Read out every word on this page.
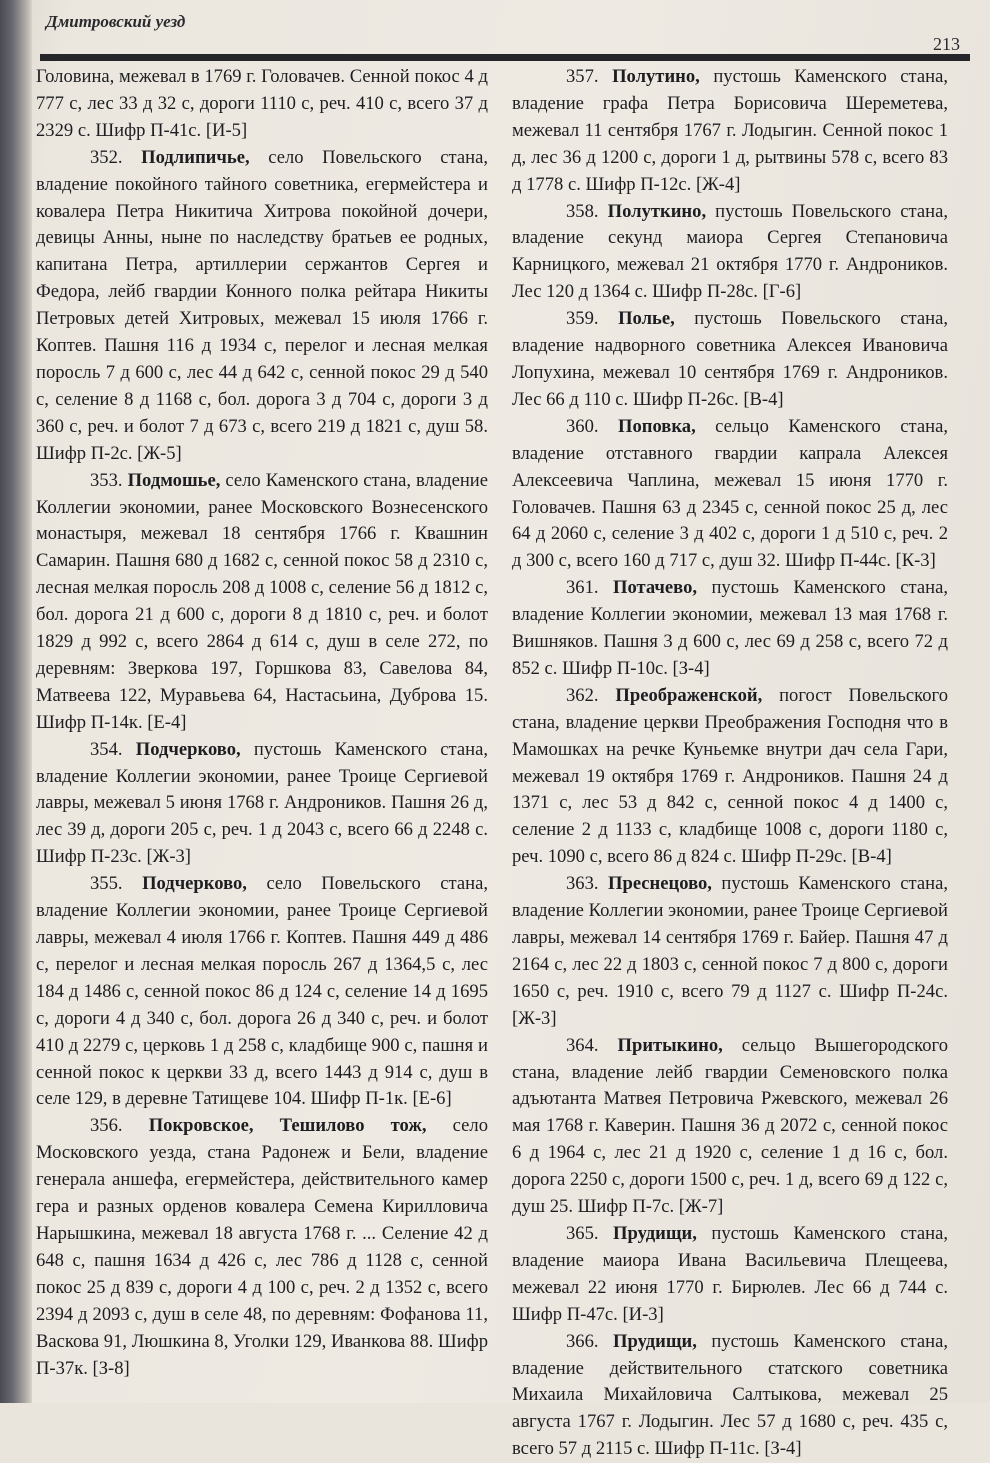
Дмитровский уезд
213

Головина, межевал в 1769 г. Головачев. Сенной покос 4 д 777 с, лес 33 д 32 с, дороги 1110 с, реч. 410 с, всего 37 д 2329 с. Шифр П-41с. [И-5]

352. Подлипичье, село Повельского стана, владение покойного тайного советника, егермейстера и ковалера Петра Никитича Хитрова покойной дочери, девицы Анны, ныне по наследству братьев ее родных, капитана Петра, артиллерии сержантов Сергея и Федора, лейб гвардии Конного полка рейтара Никиты Петровых детей Хитровых, межевал 15 июля 1766 г. Коптев. Пашня 116 д 1934 с, перелог и лесная мелкая поросль 7 д 600 с, лес 44 д 642 с, сенной покос 29 д 540 с, селение 8 д 1168 с, бол. дорога 3 д 704 с, дороги 3 д 360 с, реч. и болот 7 д 673 с, всего 219 д 1821 с, душ 58. Шифр П-2с. [Ж-5]

353. Подмошье, село Каменского стана, владение Коллегии экономии, ранее Московского Вознесенского монастыря, межевал 18 сентября 1766 г. Квашнин Самарин. Пашня 680 д 1682 с, сенной покос 58 д 2310 с, лесная мелкая поросль 208 д 1008 с, селение 56 д 1812 с, бол. дорога 21 д 600 с, дороги 8 д 1810 с, реч. и болот 1829 д 992 с, всего 2864 д 614 с, душ в селе 272, по деревням: Зверкова 197, Горшкова 83, Савелова 84, Матвеева 122, Муравьева 64, Настасьина, Дуброва 15. Шифр П-14к. [Е-4]

354. Подчерково, пустошь Каменского стана, владение Коллегии экономии, ранее Троице Сергиевой лавры, межевал 5 июня 1768 г. Андроников. Пашня 26 д, лес 39 д, дороги 205 с, реч. 1 д 2043 с, всего 66 д 2248 с. Шифр П-23с. [Ж-3]

355. Подчерково, село Повельского стана, владение Коллегии экономии, ранее Троице Сергиевой лавры, межевал 4 июля 1766 г. Коптев. Пашня 449 д 486 с, перелог и лесная мелкая поросль 267 д 1364,5 с, лес 184 д 1486 с, сенной покос 86 д 124 с, селение 14 д 1695 с, дороги 4 д 340 с, бол. дорога 26 д 340 с, реч. и болот 410 д 2279 с, церковь 1 д 258 с, кладбище 900 с, пашня и сенной покос к церкви 33 д, всего 1443 д 914 с, душ в селе 129, в деревне Татищеве 104. Шифр П-1к. [Е-6]

356. Покровское, Тешилово тож, село Московского уезда, стана Радонеж и Бели, владение генерала аншефа, егермейстера, действительного камер гера и разных орденов ковалера Семена Кирилловича Нарышкина, межевал 18 августа 1768 г. ... Селение 42 д 648 с, пашня 1634 д 426 с, лес 786 д 1128 с, сенной покос 25 д 839 с, дороги 4 д 100 с, реч. 2 д 1352 с, всего 2394 д 2093 с, душ в селе 48, по деревням: Фофанова 11, Васкова 91, Люшкина 8, Уголки 129, Иванкова 88. Шифр П-37к. [З-8]

357. Полутино, пустошь Каменского стана, владение графа Петра Борисовича Шереметева, межевал 11 сентября 1767 г. Лодыгин. Сенной покос 1 д, лес 36 д 1200 с, дороги 1 д, рытвины 578 с, всего 83 д 1778 с. Шифр П-12с. [Ж-4]

358. Полуткино, пустошь Повельского стана, владение секунд маиора Сергея Степановича Карницкого, межевал 21 октября 1770 г. Андроников. Лес 120 д 1364 с. Шифр П-28с. [Г-6]

359. Полье, пустошь Повельского стана, владение надворного советника Алексея Ивановича Лопухина, межевал 10 сентября 1769 г. Андроников. Лес 66 д 110 с. Шифр П-26с. [В-4]

360. Поповка, сельцо Каменского стана, владение отставного гвардии капрала Алексея Алексеевича Чаплина, межевал 15 июня 1770 г. Головачев. Пашня 63 д 2345 с, сенной покос 25 д, лес 64 д 2060 с, селение 3 д 402 с, дороги 1 д 510 с, реч. 2 д 300 с, всего 160 д 717 с, душ 32. Шифр П-44с. [К-3]

361. Потачево, пустошь Каменского стана, владение Коллегии экономии, межевал 13 мая 1768 г. Вишняков. Пашня 3 д 600 с, лес 69 д 258 с, всего 72 д 852 с. Шифр П-10с. [З-4]

362. Преображенской, погост Повельского стана, владение церкви Преображения Господня что в Мамошках на речке Куньемке внутри дач села Гари, межевал 19 октября 1769 г. Андроников. Пашня 24 д 1371 с, лес 53 д 842 с, сенной покос 4 д 1400 с, селение 2 д 1133 с, кладбище 1008 с, дороги 1180 с, реч. 1090 с, всего 86 д 824 с. Шифр П-29с. [В-4]

363. Преснецово, пустошь Каменского стана, владение Коллегии экономии, ранее Троице Сергиевой лавры, межевал 14 сентября 1769 г. Байер. Пашня 47 д 2164 с, лес 22 д 1803 с, сенной покос 7 д 800 с, дороги 1650 с, реч. 1910 с, всего 79 д 1127 с. Шифр П-24с. [Ж-3]

364. Притыкино, сельцо Вышегородского стана, владение лейб гвардии Семеновского полка адъютанта Матвея Петровича Ржевского, межевал 26 мая 1768 г. Каверин. Пашня 36 д 2072 с, сенной покос 6 д 1964 с, лес 21 д 1920 с, селение 1 д 16 с, бол. дорога 2250 с, дороги 1500 с, реч. 1 д, всего 69 д 122 с, душ 25. Шифр П-7с. [Ж-7]

365. Прудищи, пустошь Каменского стана, владение маиора Ивана Васильевича Плещеева, межевал 22 июня 1770 г. Бирюлев. Лес 66 д 744 с. Шифр П-47с. [И-3]

366. Прудищи, пустошь Каменского стана, владение действительного статского советника Михаила Михайловича Салтыкова, межевал 25 августа 1767 г. Лодыгин. Лес 57 д 1680 с, реч. 435 с, всего 57 д 2115 с. Шифр П-11с. [З-4]
